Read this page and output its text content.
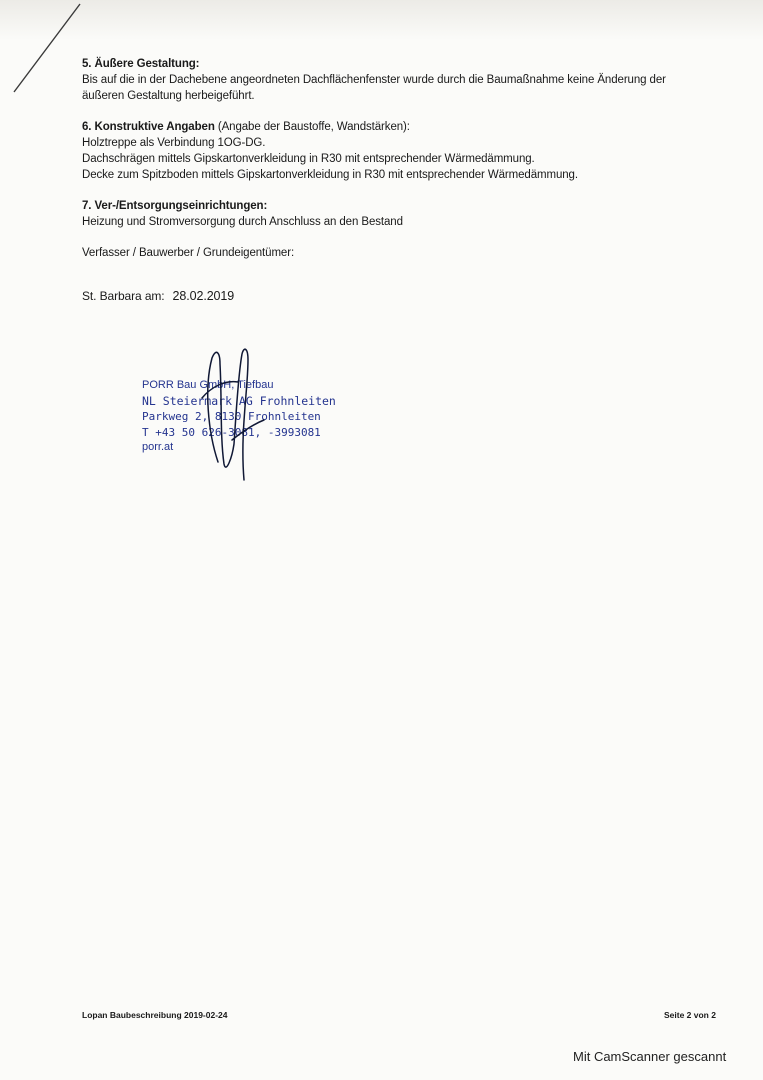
5. Äußere Gestaltung:
Bis auf die in der Dachebene angeordneten Dachflächenfenster wurde durch die Baumaßnahme keine Änderung der
äußeren Gestaltung herbeigeführt.
6. Konstruktive Angaben (Angabe der Baustoffe, Wandstärken):
Holztreppe als Verbindung 1OG-DG.
Dachschrägen mittels Gipskartonverkleidung in R30 mit entsprechender Wärmedämmung.
Decke zum Spitzboden mittels Gipskartonverkleidung in R30 mit entsprechender Wärmedämmung.
7. Ver-/Entsorgungseinrichtungen:
Heizung und Stromversorgung durch Anschluss an den Bestand
Verfasser / Bauwerber / Grundeigentümer:
St. Barbara am: 28.02.2019
PORR Bau GmbH, Tiefbau
NL Steiermark AG Frohnleiten
Parkweg 2, 8130 Frohnleiten
T +43 50 626-3081, -3993081
porr.at
Lopan Baubeschreibung 2019-02-24	Seite 2 von 2
Mit CamScanner gescannt
